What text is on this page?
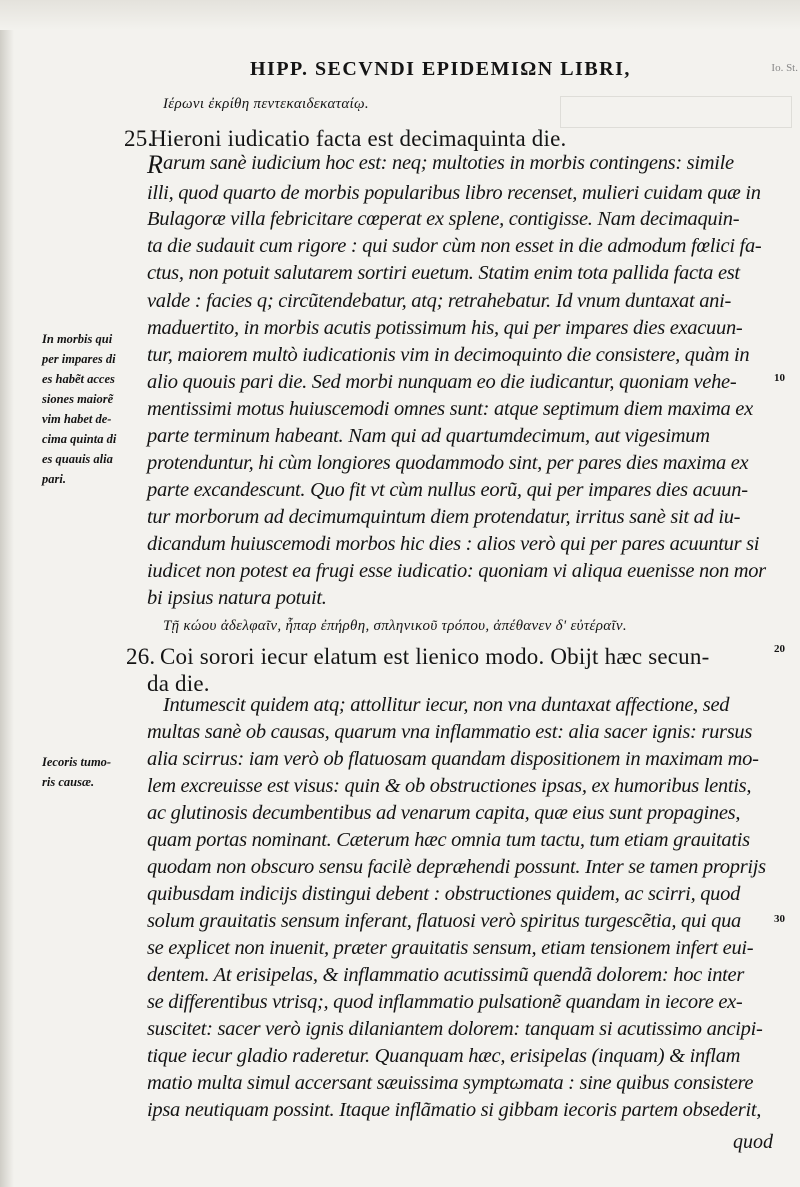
HIPP. SECVNDI EPIDEMIΩN LIBRI,	Io. St.
Ιέρωνι ἐκρίθη πεντεκαιδεκαταίῳ.
25.
Hieroni iudicatio facta est decimaquinta die.
R arum sanè iudicium hoc est: neq; multoties in morbis contingens: simile
illi, quod quarto de morbis popularibus libro recenset, mulieri cuidam quæ in
Bulagoræ villa febricitare cœperat ex splene, contigisse. Nam decimaquin-
ta die sudauit cum rigore : qui sudor cùm non esset in die admodum fœlici fa-
ctus, non potuit salutarem sortiri euetum. Statim enim tota pallida facta est
valde : facies q; circũtendebatur, atq; retrahebatur. Id vnum duntaxat ani-
maduertito, in morbis acutis potissimum his, qui per impares dies exacuun-
tur, maiorem multò iudicationis vim in decimoquinto die consistere, quàm in
alio quouis pari die. Sed morbi nunquam eo die iudicantur, quoniam vehe-
mentissimi motus huiuscemodi omnes sunt: atque septimum diem maxima ex
parte terminum habeant. Nam qui ad quartumdecimum, aut vigesimum
protenduntur, hi cùm longiores quodammodo sint, per pares dies maxima ex
parte excandescunt. Quo fit vt cùm nullus eorũ, qui per impares dies acuun-
tur morborum ad decimumquintum diem protendatur, irritus sanè sit ad iu-
dicandum huiuscemodi morbos hic dies : alios verò qui per pares acuuntur si
iudicet non potest ea frugi esse iudicatio: quoniam vi aliqua euenisse non mor
bi ipsius natura potuit.
Τῇ κώου ἀδελφαῖν, ἧπαρ ἐπήρθη, σπληνικοῦ τρόπου, ἀπέθανεν δ' εὐτέραῖν.
26. Coi sorori iecur elatum est lienico modo. Obijt hæc secun-
da die.
Intumescit quidem atq; attollitur iecur, non vna duntaxat affectione, sed
multas sanè ob causas, quarum vna inflammatio est: alia sacer ignis: rursus
alia scirrus: iam verò ob flatuosam quandam dispositionem in maximam mo-
lem excreuisse est visus: quin & ob obstructiones ipsas, ex humoribus lentis,
ac glutinosis decumbentibus ad venarum capita, quæ eius sunt propagines,
quam portas nominant. Cæterum hæc omnia tum tactu, tum etiam grauitatis
quodam non obscuro sensu facilè depræhendi possunt. Inter se tamen proprijs
quibusdam indicijs distingui debent : obstructiones quidem, ac scirri, quod
solum grauitatis sensum inferant, flatuosi verò spiritus turgescẽtia, qui qua
se explicet non inuenit, præter grauitatis sensum, etiam tensionem infert eui-
dentem. At erisipelas, & inflammatio acutissimũ quendã dolorem: hoc inter
se differentibus vtrisq;, quod inflammatio pulsationẽ quandam in iecore ex-
suscitet: sacer verò ignis dilaniantem dolorem: tanquam si acutissimo ancipi-
tique iecur gladio raderetur. Quanquam hæc, erisipelas (inquam) & inflam
matio multa simul accersant sæuissima symptωmata : sine quibus consistere
ipsa neutiquam possint. Itaque inflãmatio si gibbam iecoris partem obsederit,
In morbis qui
per impares di
es habẽt acces
siones maiorẽ
vim habet de-
cima quinta di
es quauis alia
pari.
Iecoris tumo-
ris causæ.
10
20
30
quod
